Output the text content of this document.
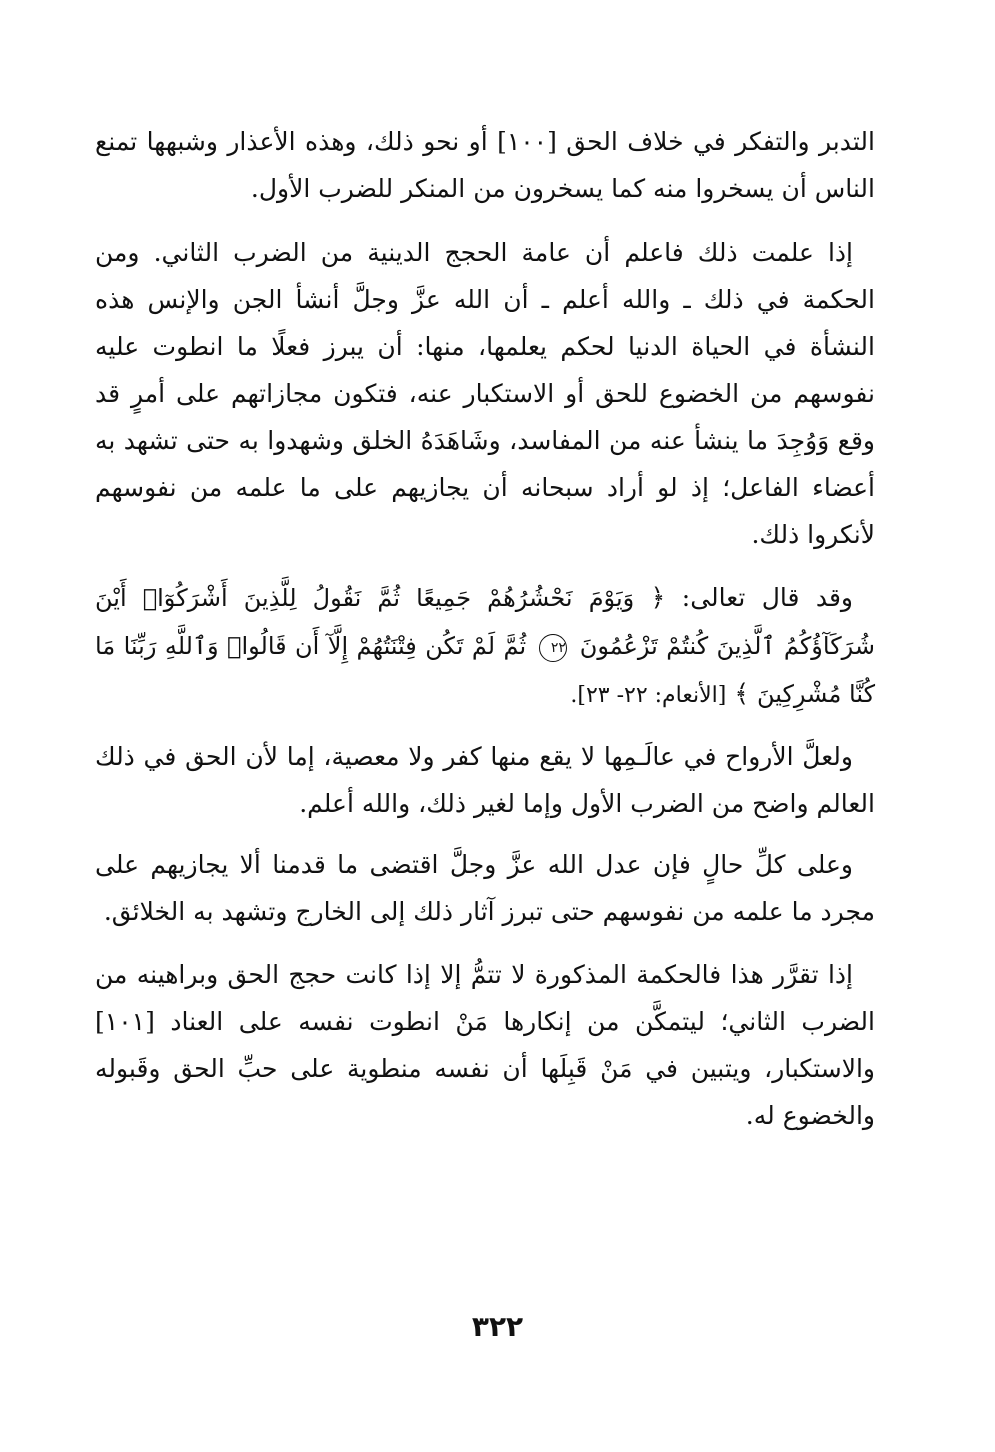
التدبر والتفكر في خلاف الحق [١٠٠] أو نحو ذلك، وهذه الأعذار وشبهها تمنع الناس أن يسخروا منه كما يسخرون من المنكر للضرب الأول.

إذا علمت ذلك فاعلم أن عامة الحجج الدينية من الضرب الثاني. ومن الحكمة في ذلك ـ والله أعلم ـ أن الله عزَّ وجلَّ أنشأ الجن والإنس هذه النشأة في الحياة الدنيا لحكم يعلمها، منها: أن يبرز فعلًا ما انطوت عليه نفوسهم من الخضوع للحق أو الاستكبار عنه، فتكون مجازاتهم على أمرٍ قد وقع وَوُجِدَ ما ينشأ عنه من المفاسد، وشَاهَدَهُ الخلق وشهدوا به حتى تشهد به أعضاء الفاعل؛ إذ لو أراد سبحانه أن يجازيهم على ما علمه من نفوسهم لأنكروا ذلك.

وقد قال تعالى: ﴿ وَيَوْمَ نَحْشُرُهُمْ جَمِيعًا ثُمَّ نَقُولُ لِلَّذِينَ أَشْرَكُوٓا۟ أَيْنَ شُرَكَآؤُكُمُ ٱلَّذِينَ كُنتُمْ تَزْعُمُونَ ٢٢ ثُمَّ لَمْ تَكُن فِتْنَتُهُمْ إِلَّآ أَن قَالُوا۟ وَٱللَّهِ رَبِّنَا مَا كُنَّا مُشْرِكِينَ ﴾ [الأنعام: ٢٢- ٢٣].

ولعلَّ الأرواح في عالَـمِها لا يقع منها كفر ولا معصية، إما لأن الحق في ذلك العالم واضح من الضرب الأول وإما لغير ذلك، والله أعلم.

وعلى كلِّ حالٍ فإن عدل الله عزَّ وجلَّ اقتضى ما قدمنا ألا يجازيهم على مجرد ما علمه من نفوسهم حتى تبرز آثار ذلك إلى الخارج وتشهد به الخلائق.

إذا تقرَّر هذا فالحكمة المذكورة لا تتمُّ إلا إذا كانت حجج الحق وبراهينه من الضرب الثاني؛ ليتمكَّن من إنكارها مَنْ انطوت نفسه على العناد [١٠١] والاستكبار، ويتبين في مَنْ قَبِلَها أن نفسه منطوية على حبِّ الحق وقَبوله والخضوع له.

٣٢٢
